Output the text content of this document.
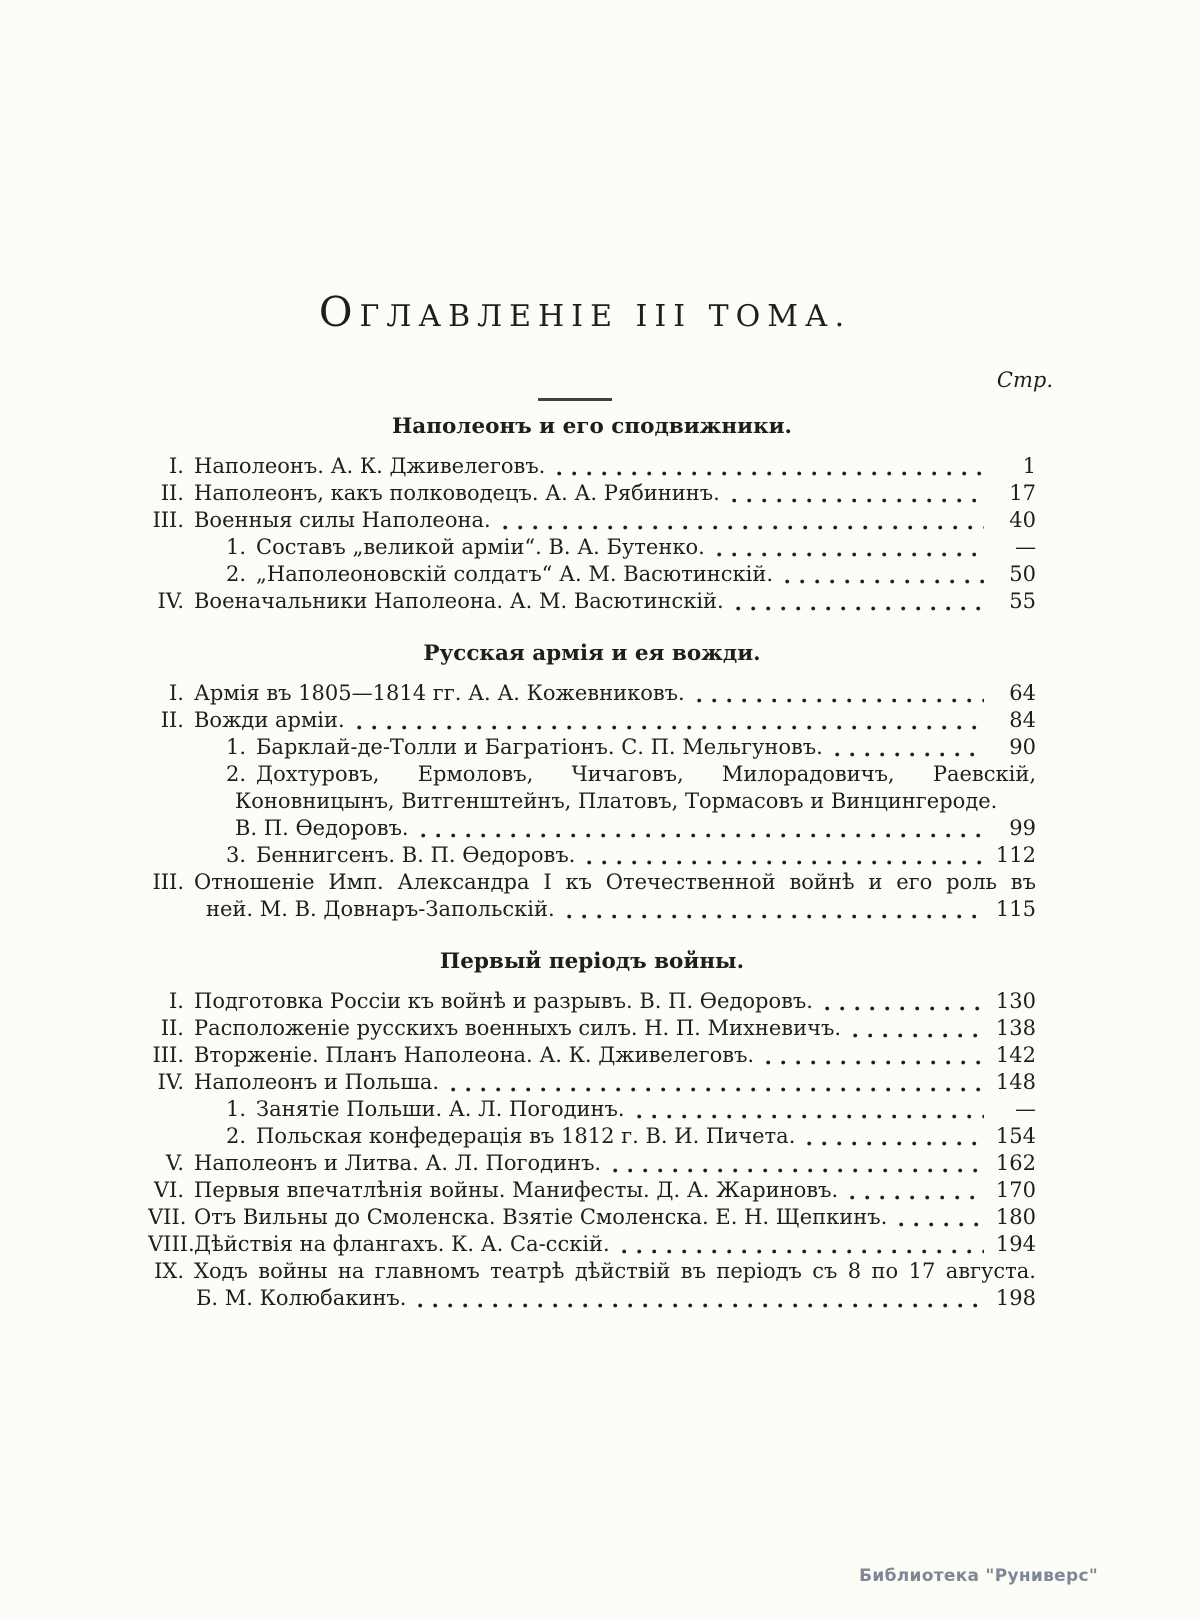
ОГЛАВЛЕНІЕ III ТОМА.
Стр.
Наполеонъ и его сподвижники.
I. Наполеонъ. А. К. Дживелеговъ.	1
II. Наполеонъ, какъ полководецъ. А. А. Рябининъ.	17
III. Военныя силы Наполеона.	40
1. Составъ „великой арміи“. В. А. Бутенко.	—
2. „Наполеоновскій солдатъ“ А. М. Васютинскій.	50
IV. Военачальники Наполеона. А. М. Васютинскій.	55
Русская армія и ея вожди.
I. Армія въ 1805—1814 гг. А. А. Кожевниковъ.	64
II. Вожди арміи.	84
1. Барклай-де-Толли и Багратіонъ. С. П. Мельгуновъ.	90
2. Дохтуровъ, Ермоловъ, Чичаговъ, Милорадовичъ, Раевскій,
Коновницынъ, Витгенштейнъ, Платовъ, Тормасовъ и Винцингероде.
В. П. Ѳедоровъ.	99
3. Беннигсенъ. В. П. Ѳедоровъ.	112
III. Отношеніе Имп. Александра I къ Отечественной войнѣ и его роль въ
ней. М. В. Довнаръ-Запольскій.	115
Первый періодъ войны.
I. Подготовка Россіи къ войнѣ и разрывъ. В. П. Ѳедоровъ.	130
II. Расположеніе русскихъ военныхъ силъ. Н. П. Михневичъ.	138
III. Вторженіе. Планъ Наполеона. А. К. Дживелеговъ.	142
IV. Наполеонъ и Польша.	148
1. Занятіе Польши. А. Л. Погодинъ.	—
2. Польская конфедерація въ 1812 г. В. И. Пичета.	154
V. Наполеонъ и Литва. А. Л. Погодинъ.	162
VI. Первыя впечатлѣнія войны. Манифесты. Д. А. Жариновъ.	170
VII. Отъ Вильны до Смоленска. Взятіе Смоленска. Е. Н. Щепкинъ.	180
VIII. Дѣйствія на флангахъ. К. А. Са-сскій.	194
IX. Ходъ войны на главномъ театрѣ дѣйствій въ періодъ съ 8 по 17 августа.
Б. М. Колюбакинъ.	198
Библиотека "Руниверс"
